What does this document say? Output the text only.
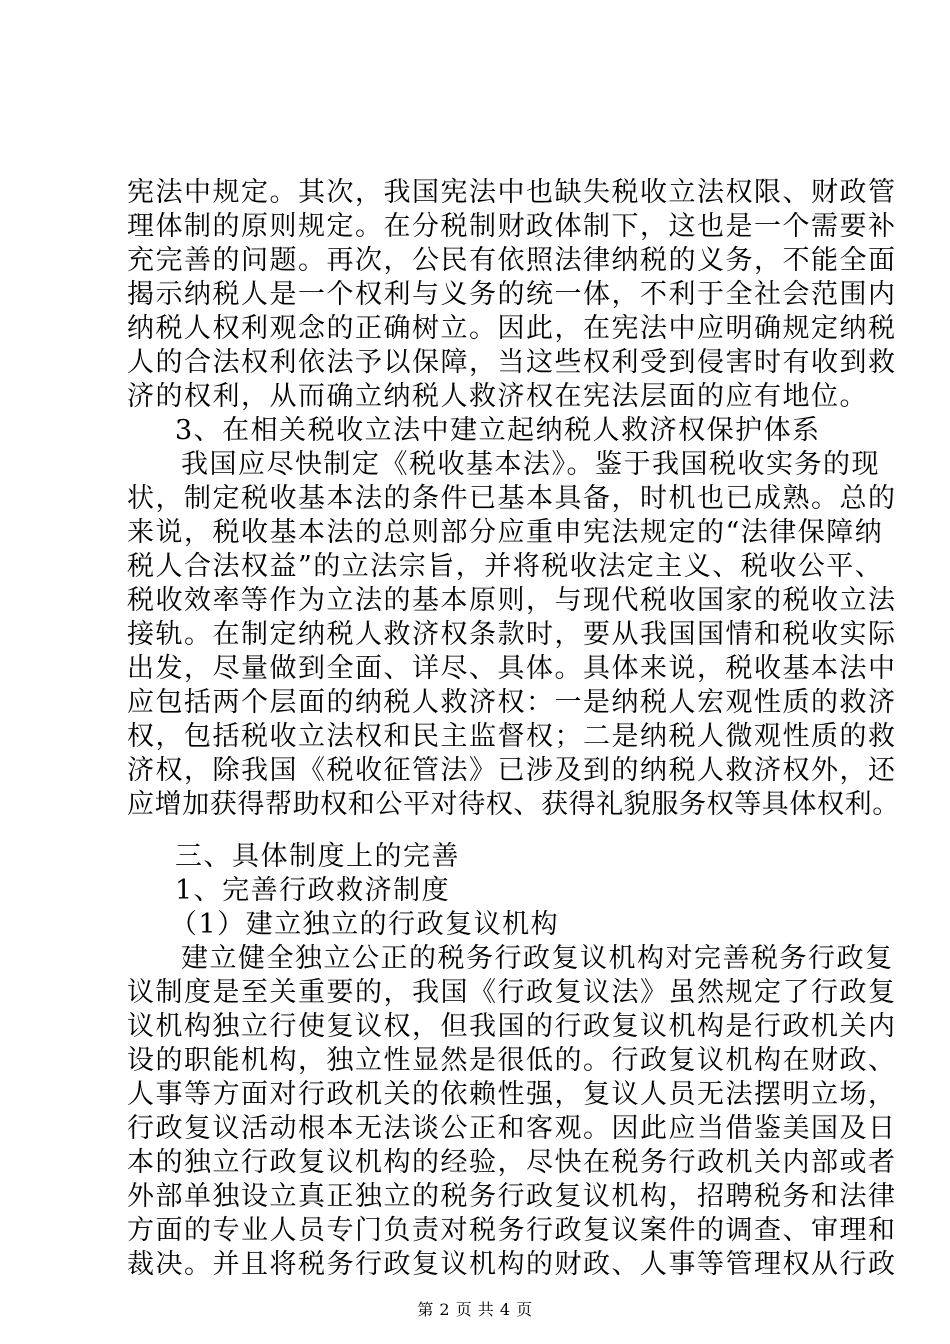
宪法中规定。其次，我国宪法中也缺失税收立法权限、财政管
理体制的原则规定。在分税制财政体制下，这也是一个需要补
充完善的问题。再次，公民有依照法律纳税的义务，不能全面
揭示纳税人是一个权利与义务的统一体，不利于全社会范围内
纳税人权利观念的正确树立。因此，在宪法中应明确规定纳税
人的合法权利依法予以保障，当这些权利受到侵害时有收到救
济的权利，从而确立纳税人救济权在宪法层面的应有地位。
3、在相关税收立法中建立起纳税人救济权保护体系
我国应尽快制定《税收基本法》。鉴于我国税收实务的现
状，制定税收基本法的条件已基本具备，时机也已成熟。总的
来说，税收基本法的总则部分应重申宪法规定的“法律保障纳
税人合法权益”的立法宗旨，并将税收法定主义、税收公平、
税收效率等作为立法的基本原则，与现代税收国家的税收立法
接轨。在制定纳税人救济权条款时，要从我国国情和税收实际
出发，尽量做到全面、详尽、具体。具体来说，税收基本法中
应包括两个层面的纳税人救济权：一是纳税人宏观性质的救济
权，包括税收立法权和民主监督权；二是纳税人微观性质的救
济权，除我国《税收征管法》已涉及到的纳税人救济权外，还
应增加获得帮助权和公平对待权、获得礼貌服务权等具体权利。
三、具体制度上的完善
1、完善行政救济制度
（1）建立独立的行政复议机构
建立健全独立公正的税务行政复议机构对完善税务行政复
议制度是至关重要的，我国《行政复议法》虽然规定了行政复
议机构独立行使复议权，但我国的行政复议机构是行政机关内
设的职能机构，独立性显然是很低的。行政复议机构在财政、
人事等方面对行政机关的依赖性强，复议人员无法摆明立场，
行政复议活动根本无法谈公正和客观。因此应当借鉴美国及日
本的独立行政复议机构的经验，尽快在税务行政机关内部或者
外部单独设立真正独立的税务行政复议机构，招聘税务和法律
方面的专业人员专门负责对税务行政复议案件的调查、审理和
裁决。并且将税务行政复议机构的财政、人事等管理权从行政
第 2 页 共 4 页
